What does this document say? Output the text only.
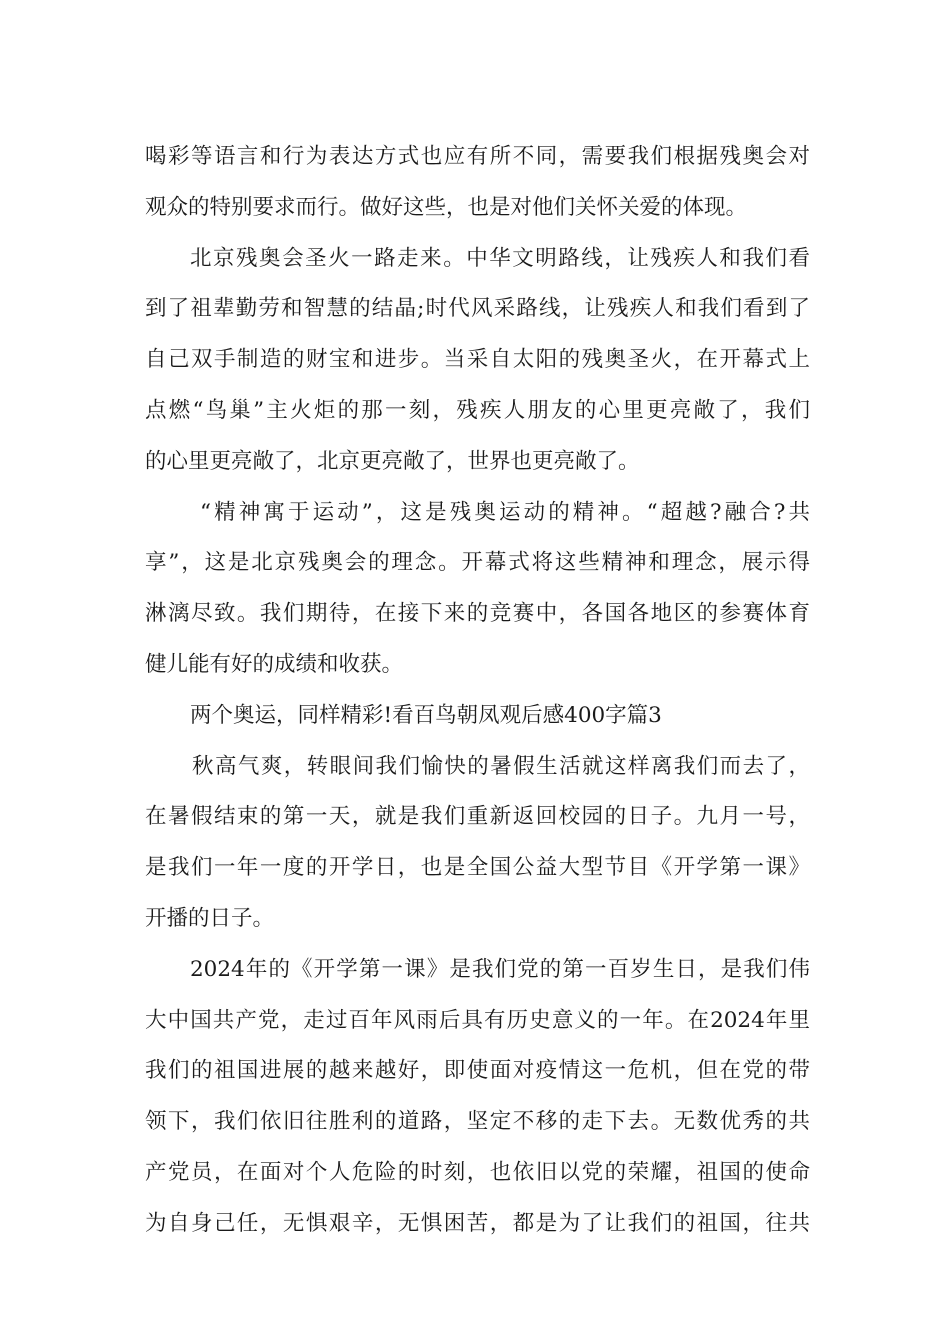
喝彩等语言和行为表达方式也应有所不同，需要我们根据残奥会对
观众的特别要求而行。做好这些，也是对他们关怀关爱的体现。
北京残奥会圣火一路走来。中华文明路线，让残疾人和我们看
到了祖辈勤劳和智慧的结晶;时代风采路线，让残疾人和我们看到了
自己双手制造的财宝和进步。当采自太阳的残奥圣火，在开幕式上
点燃“鸟巢”主火炬的那一刻，残疾人朋友的心里更亮敞了，我们
的心里更亮敞了，北京更亮敞了，世界也更亮敞了。
“精神寓于运动”，这是残奥运动的精神。“超越?融合?共
享”，这是北京残奥会的理念。开幕式将这些精神和理念，展示得
淋漓尽致。我们期待，在接下来的竞赛中，各国各地区的参赛体育
健儿能有好的成绩和收获。
两个奥运，同样精彩!看百鸟朝凤观后感400字篇3
秋高气爽，转眼间我们愉快的暑假生活就这样离我们而去了，
在暑假结束的第一天，就是我们重新返回校园的日子。九月一号，
是我们一年一度的开学日，也是全国公益大型节目《开学第一课》
开播的日子。
2024年的《开学第一课》是我们党的第一百岁生日，是我们伟
大中国共产党，走过百年风雨后具有历史意义的一年。在2024年里
我们的祖国进展的越来越好，即使面对疫情这一危机，但在党的带
领下，我们依旧往胜利的道路，坚定不移的走下去。无数优秀的共
产党员，在面对个人危险的时刻，也依旧以党的荣耀，祖国的使命
为自身己任，无惧艰辛，无惧困苦，都是为了让我们的祖国，往共
